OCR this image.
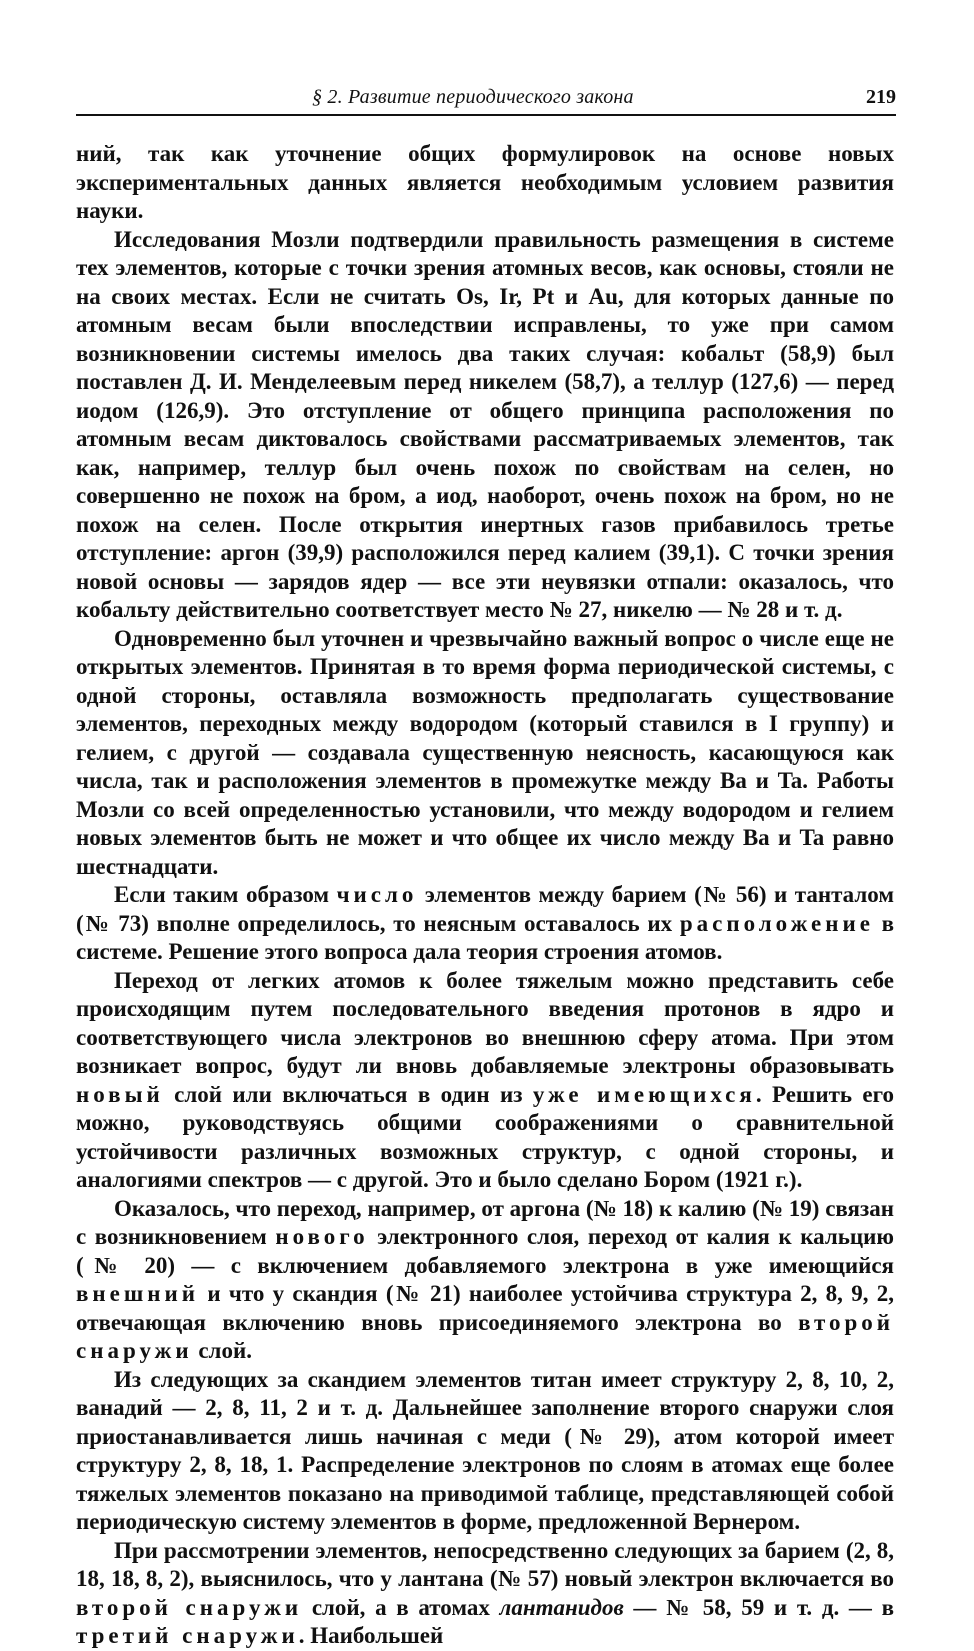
§ 2. Развитие периодического закона	219

ний, так как уточнение общих формулировок на основе новых экспериментальных данных является необходимым условием развития науки.

Исследования Мозли подтвердили правильность размещения в системе тех элементов, которые с точки зрения атомных весов, как основы, стояли не на своих местах. Если не считать Os, Ir, Pt и Au, для которых данные по атомным весам были впоследствии исправлены, то уже при самом возникновении системы имелось два таких случая: кобальт (58,9) был поставлен Д. И. Менделеевым перед никелем (58,7), а теллур (127,6) — перед иодом (126,9). Это отступление от общего принципа расположения по атомным весам диктовалось свойствами рассматриваемых элементов, так как, например, теллур был очень похож по свойствам на селен, но совершенно не похож на бром, а иод, наоборот, очень похож на бром, но не похож на селен. После открытия инертных газов прибавилось третье отступление: аргон (39,9) расположился перед калием (39,1). С точки зрения новой основы — зарядов ядер — все эти неувязки отпали: оказалось, что кобальту действительно соответствует место № 27, никелю — № 28 и т. д.

Одновременно был уточнен и чрезвычайно важный вопрос о числе еще не открытых элементов. Принятая в то время форма периодической системы, с одной стороны, оставляла возможность предполагать существование элементов, переходных между водородом (который ставился в I группу) и гелием, с другой — создавала существенную неясность, касающуюся как числа, так и расположения элементов в промежутке между Ba и Ta. Работы Мозли со всей определенностью установили, что между водородом и гелием новых элементов быть не может и что общее их число между Ba и Ta равно шестнадцати.

Если таким образом число элементов между барием (№ 56) и танталом (№ 73) вполне определилось, то неясным оставалось их расположение в системе. Решение этого вопроса дала теория строения атомов.

Переход от легких атомов к более тяжелым можно представить себе происходящим путем последовательного введения протонов в ядро и соответствующего числа электронов во внешнюю сферу атома. При этом возникает вопрос, будут ли вновь добавляемые электроны образовывать новый слой или включаться в один из уже имеющихся. Решить его можно, руководствуясь общими соображениями о сравнительной устойчивости различных возможных структур, с одной стороны, и аналогиями спектров — с другой. Это и было сделано Бором (1921 г.).

Оказалось, что переход, например, от аргона (№ 18) к калию (№ 19) связан с возникновением нового электронного слоя, переход от калия к кальцию (№ 20) — с включением добавляемого электрона в уже имеющийся внешний и что у скандия (№ 21) наиболее устойчива структура 2, 8, 9, 2, отвечающая включению вновь присоединяемого электрона во второй снаружи слой.

Из следующих за скандием элементов титан имеет структуру 2, 8, 10, 2, ванадий — 2, 8, 11, 2 и т. д. Дальнейшее заполнение второго снаружи слоя приостанавливается лишь начиная с меди (№ 29), атом которой имеет структуру 2, 8, 18, 1. Распределение электронов по слоям в атомах еще более тяжелых элементов показано на приводимой таблице, представляющей собой периодическую систему элементов в форме, предложенной Вернером.

При рассмотрении элементов, непосредственно следующих за барием (2, 8, 18, 18, 8, 2), выяснилось, что у лантана (№ 57) новый электрон включается во второй снаружи слой, а в атомах лантанидов — № 58, 59 и т. д. — в третий снаружи. Наибольшей
